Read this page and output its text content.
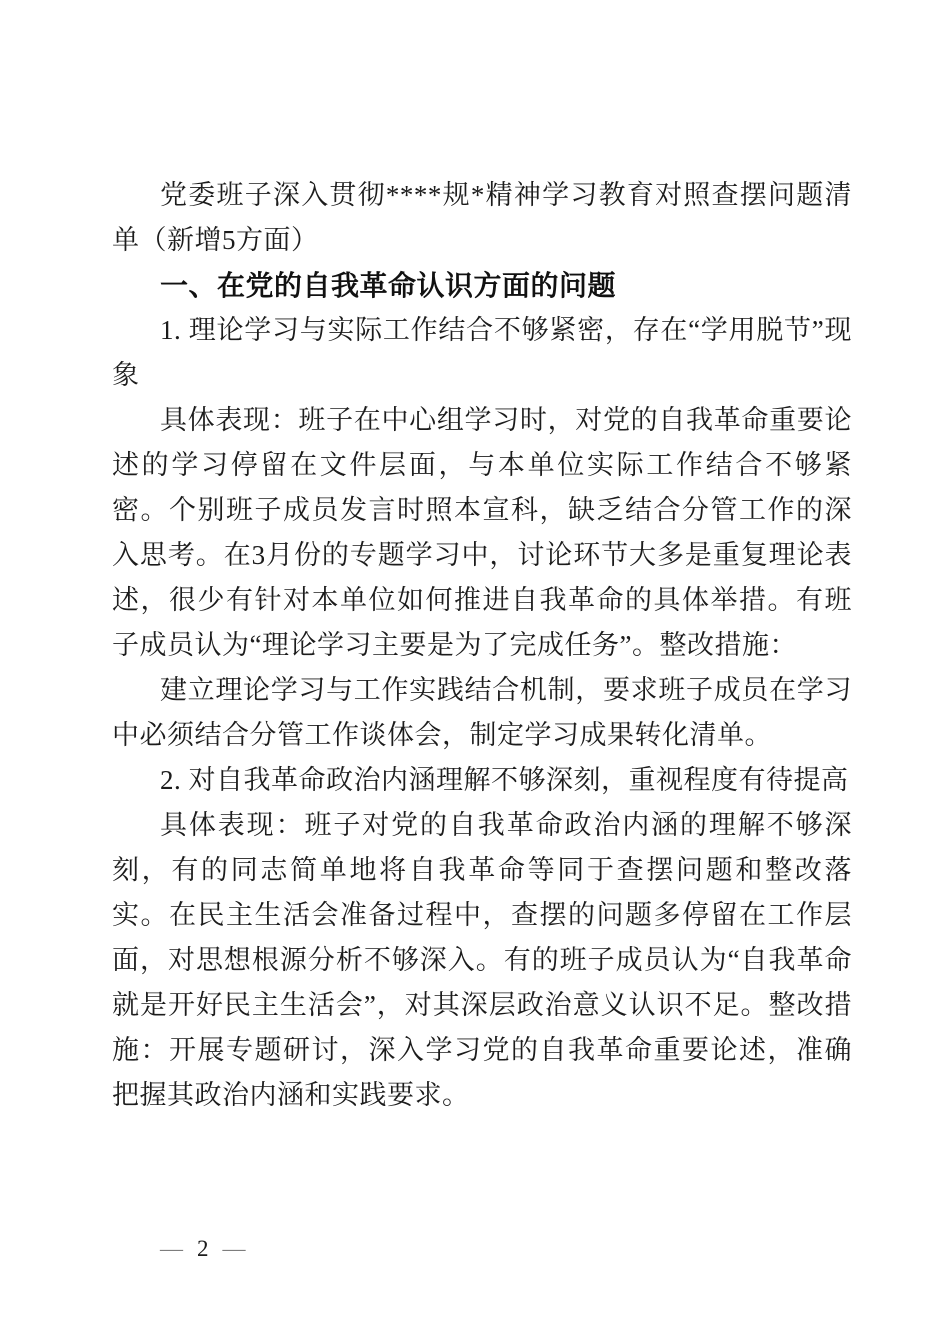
党委班子深入贯彻****规*精神学习教育对照查摆问题清单（新增5方面）

一、在党的自我革命认识方面的问题

1. 理论学习与实际工作结合不够紧密，存在“学用脱节”现象

具体表现：班子在中心组学习时，对党的自我革命重要论述的学习停留在文件层面，与本单位实际工作结合不够紧密。个别班子成员发言时照本宣科，缺乏结合分管工作的深入思考。在3月份的专题学习中，讨论环节大多是重复理论表述，很少有针对本单位如何推进自我革命的具体举措。有班子成员认为“理论学习主要是为了完成任务”。整改措施：

建立理论学习与工作实践结合机制，要求班子成员在学习中必须结合分管工作谈体会，制定学习成果转化清单。

2. 对自我革命政治内涵理解不够深刻，重视程度有待提高

具体表现：班子对党的自我革命政治内涵的理解不够深刻，有的同志简单地将自我革命等同于查摆问题和整改落实。在民主生活会准备过程中，查摆的问题多停留在工作层面，对思想根源分析不够深入。有的班子成员认为“自我革命就是开好民主生活会”，对其深层政治意义认识不足。整改措施：开展专题研讨，深入学习党的自我革命重要论述，准确把握其政治内涵和实践要求。

— 2 —
